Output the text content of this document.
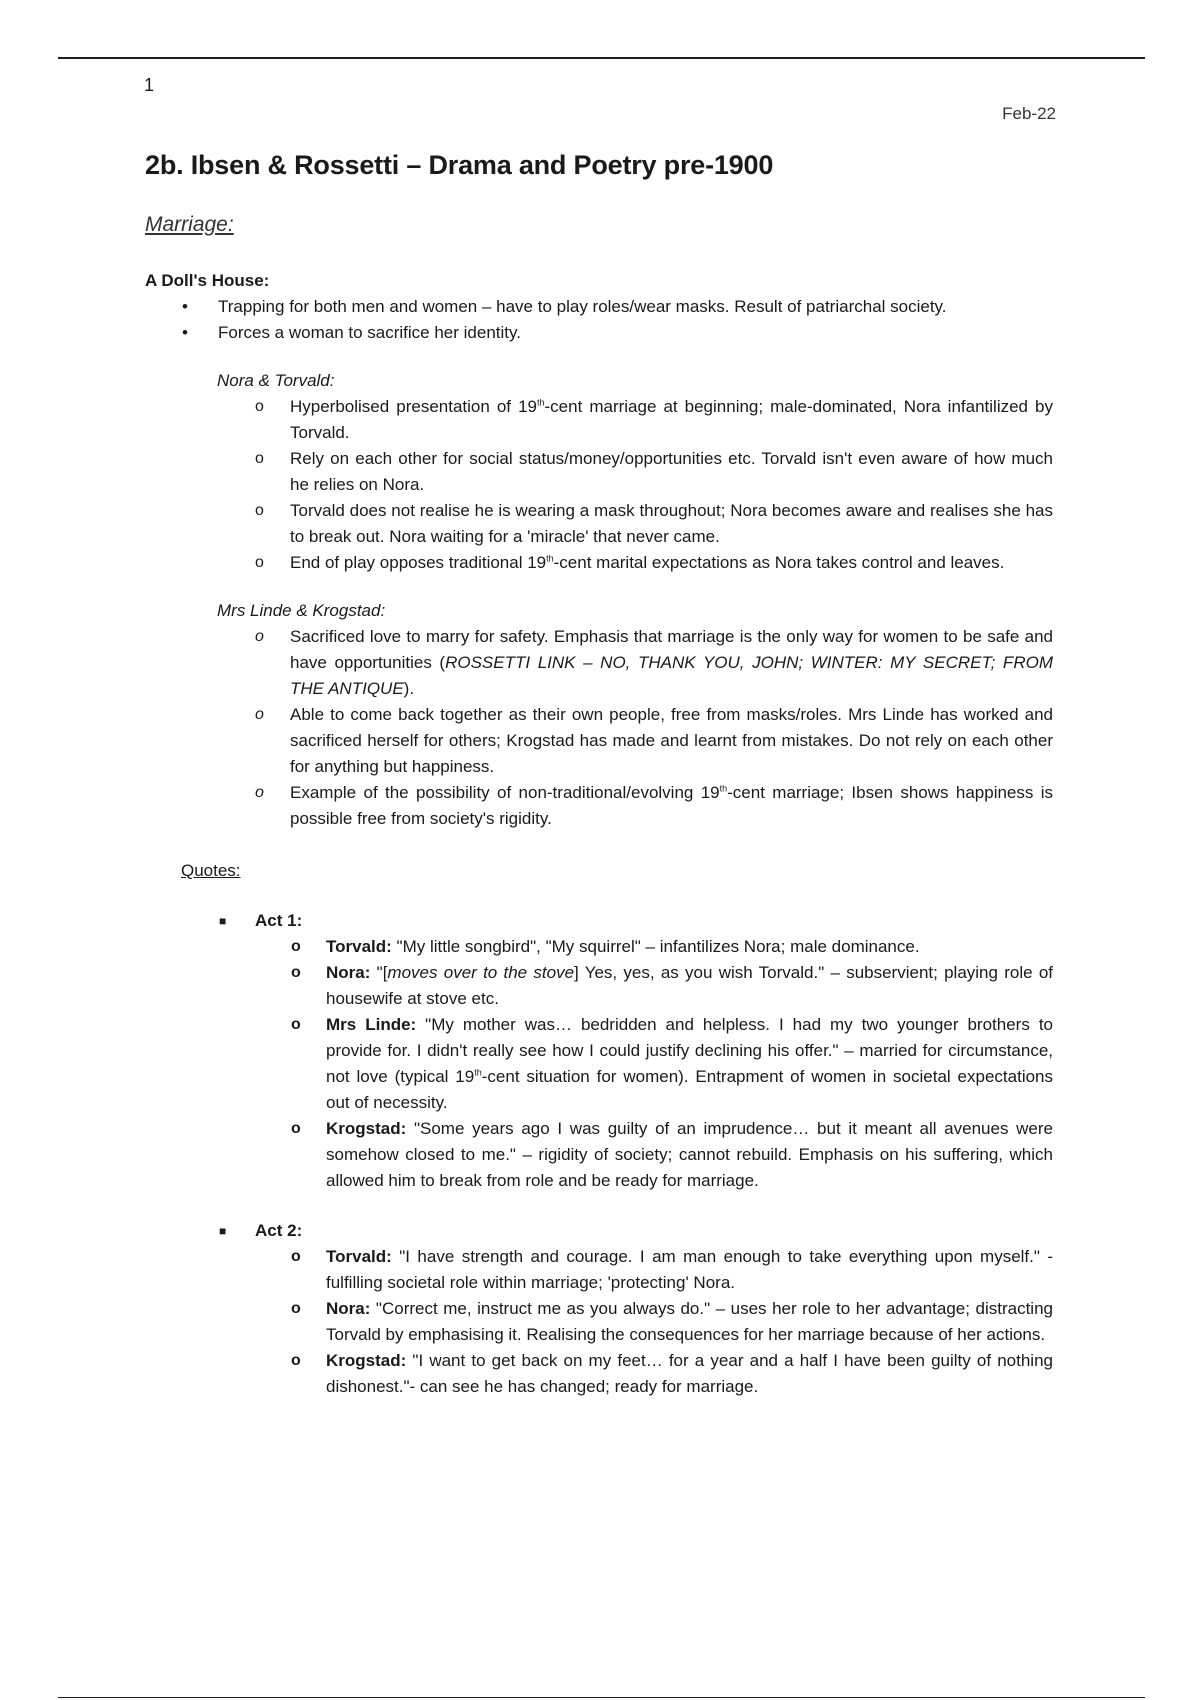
1
Feb-22
2b. Ibsen & Rossetti – Drama and Poetry pre-1900
Marriage:
A Doll's House:
• Trapping for both men and women – have to play roles/wear masks. Result of patriarchal society.
• Forces a woman to sacrifice her identity.
Nora & Torvald:
o Hyperbolised presentation of 19th-cent marriage at beginning; male-dominated, Nora infantilized by Torvald.
o Rely on each other for social status/money/opportunities etc. Torvald isn't even aware of how much he relies on Nora.
o Torvald does not realise he is wearing a mask throughout; Nora becomes aware and realises she has to break out. Nora waiting for a 'miracle' that never came.
o End of play opposes traditional 19th-cent marital expectations as Nora takes control and leaves.
Mrs Linde & Krogstad:
o Sacrificed love to marry for safety. Emphasis that marriage is the only way for women to be safe and have opportunities (ROSSETTI LINK – NO, THANK YOU, JOHN; WINTER: MY SECRET; FROM THE ANTIQUE).
o Able to come back together as their own people, free from masks/roles. Mrs Linde has worked and sacrificed herself for others; Krogstad has made and learnt from mistakes. Do not rely on each other for anything but happiness.
o Example of the possibility of non-traditional/evolving 19th-cent marriage; Ibsen shows happiness is possible free from society's rigidity.
Quotes:
■ Act 1:
o Torvald: "My little songbird", "My squirrel" – infantilizes Nora; male dominance.
o Nora: "[moves over to the stove] Yes, yes, as you wish Torvald." – subservient; playing role of housewife at stove etc.
o Mrs Linde: "My mother was… bedridden and helpless. I had my two younger brothers to provide for. I didn't really see how I could justify declining his offer." – married for circumstance, not love (typical 19th-cent situation for women). Entrapment of women in societal expectations out of necessity.
o Krogstad: "Some years ago I was guilty of an imprudence… but it meant all avenues were somehow closed to me." – rigidity of society; cannot rebuild. Emphasis on his suffering, which allowed him to break from role and be ready for marriage.
■ Act 2:
o Torvald: "I have strength and courage. I am man enough to take everything upon myself." - fulfilling societal role within marriage; 'protecting' Nora.
o Nora: "Correct me, instruct me as you always do." – uses her role to her advantage; distracting Torvald by emphasising it. Realising the consequences for her marriage because of her actions.
o Krogstad: "I want to get back on my feet… for a year and a half I have been guilty of nothing dishonest."- can see he has changed; ready for marriage.
